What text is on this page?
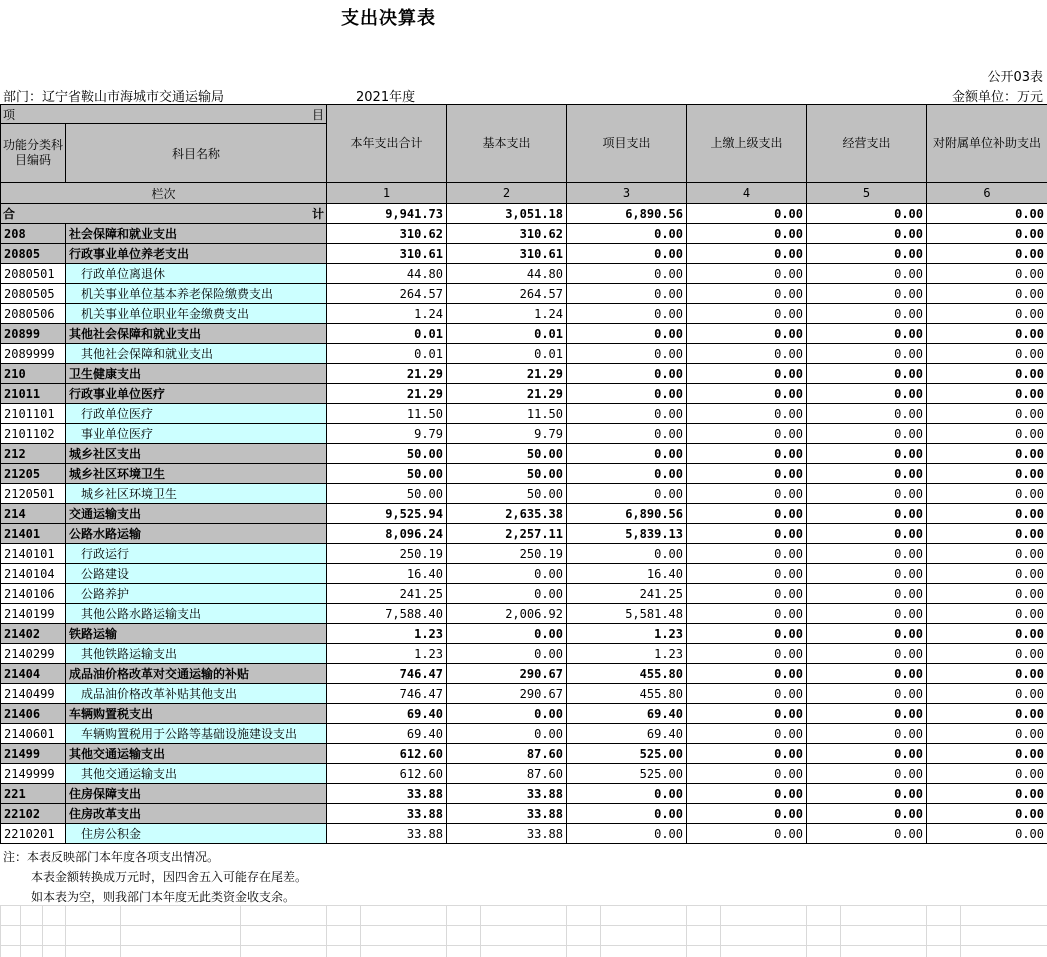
支出决算表
公开03表
部门：辽宁省鞍山市海城市交通运输局	2021年度	金额单位：万元
项 目		本年支出合计	基本支出	项目支出	上缴上级支出	经营支出	对附属单位补助支出
功能分类科目编码	科目名称						
栏次		1	2	3	4	5	6

合 计		9,941.73	3,051.18	6,890.56	0.00	0.00	0.00
208	社会保障和就业支出	310.62	310.62	0.00	0.00	0.00	0.00
20805	行政事业单位养老支出	310.61	310.61	0.00	0.00	0.00	0.00
2080501	行政单位离退休	44.80	44.80	0.00	0.00	0.00	0.00
2080505	机关事业单位基本养老保险缴费支出	264.57	264.57	0.00	0.00	0.00	0.00
2080506	机关事业单位职业年金缴费支出	1.24	1.24	0.00	0.00	0.00	0.00
20899	其他社会保障和就业支出	0.01	0.01	0.00	0.00	0.00	0.00
2089999	其他社会保障和就业支出	0.01	0.01	0.00	0.00	0.00	0.00
210	卫生健康支出	21.29	21.29	0.00	0.00	0.00	0.00
21011	行政事业单位医疗	21.29	21.29	0.00	0.00	0.00	0.00
2101101	行政单位医疗	11.50	11.50	0.00	0.00	0.00	0.00
2101102	事业单位医疗	9.79	9.79	0.00	0.00	0.00	0.00
212	城乡社区支出	50.00	50.00	0.00	0.00	0.00	0.00
21205	城乡社区环境卫生	50.00	50.00	0.00	0.00	0.00	0.00
2120501	城乡社区环境卫生	50.00	50.00	0.00	0.00	0.00	0.00
214	交通运输支出	9,525.94	2,635.38	6,890.56	0.00	0.00	0.00
21401	公路水路运输	8,096.24	2,257.11	5,839.13	0.00	0.00	0.00
2140101	行政运行	250.19	250.19	0.00	0.00	0.00	0.00
2140104	公路建设	16.40	0.00	16.40	0.00	0.00	0.00
2140106	公路养护	241.25	0.00	241.25	0.00	0.00	0.00
2140199	其他公路水路运输支出	7,588.40	2,006.92	5,581.48	0.00	0.00	0.00
21402	铁路运输	1.23	0.00	1.23	0.00	0.00	0.00
2140299	其他铁路运输支出	1.23	0.00	1.23	0.00	0.00	0.00
21404	成品油价格改革对交通运输的补贴	746.47	290.67	455.80	0.00	0.00	0.00
2140499	成品油价格改革补贴其他支出	746.47	290.67	455.80	0.00	0.00	0.00
21406	车辆购置税支出	69.40	0.00	69.40	0.00	0.00	0.00
2140601	车辆购置税用于公路等基础设施建设支出	69.40	0.00	69.40	0.00	0.00	0.00
21499	其他交通运输支出	612.60	87.60	525.00	0.00	0.00	0.00
2149999	其他交通运输支出	612.60	87.60	525.00	0.00	0.00	0.00
221	住房保障支出	33.88	33.88	0.00	0.00	0.00	0.00
22102	住房改革支出	33.88	33.88	0.00	0.00	0.00	0.00
2210201	住房公积金	33.88	33.88	0.00	0.00	0.00	0.00
注：本表反映部门本年度各项支出情况。
本表金额转换成万元时，因四舍五入可能存在尾差。
如本表为空，则我部门本年度无此类资金收支余。
